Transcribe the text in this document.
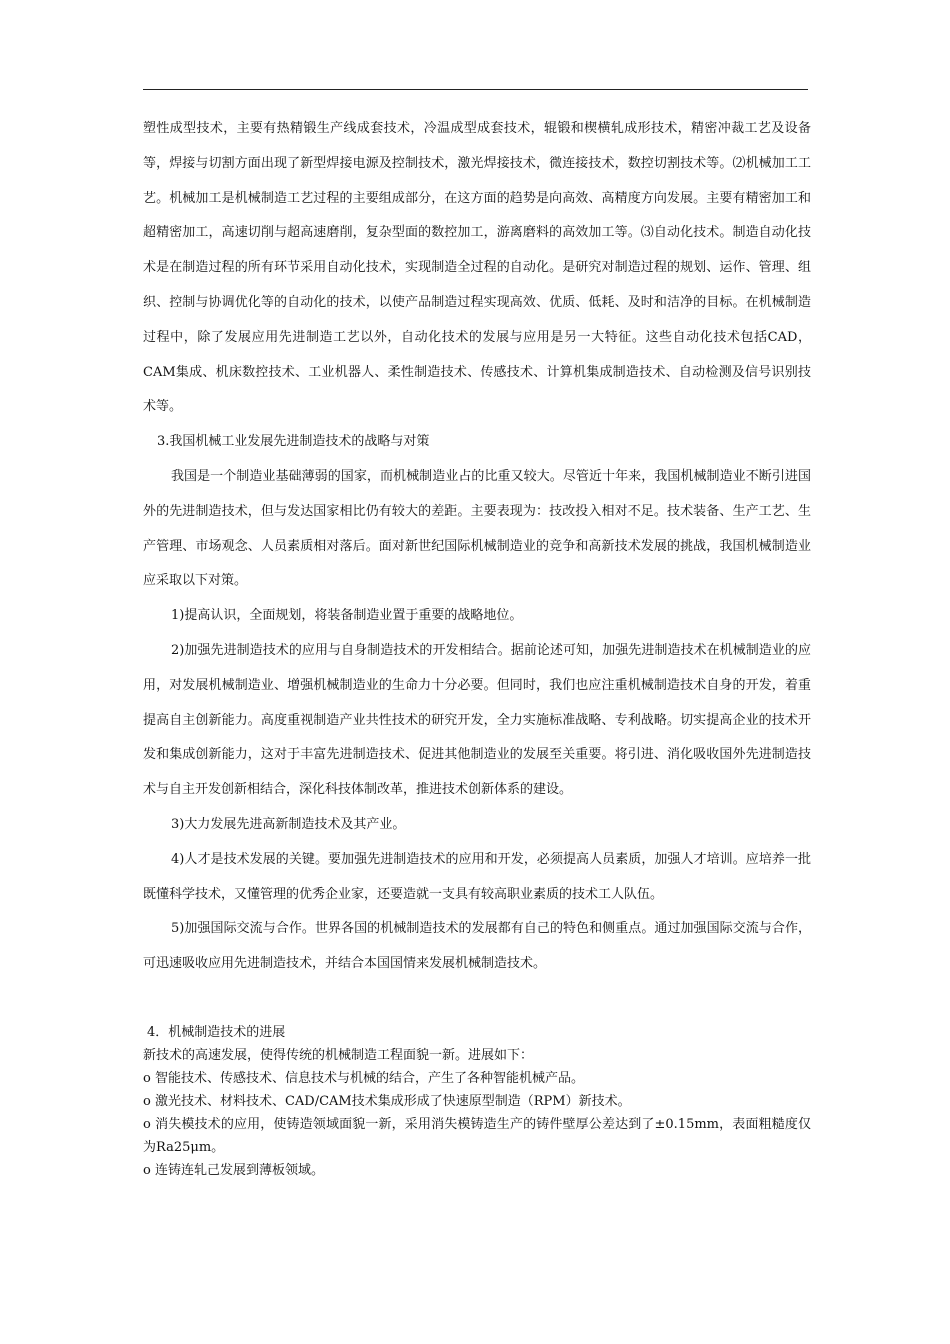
塑性成型技术，主要有热精锻生产线成套技术，冷温成型成套技术，辊锻和楔横轧成形技术，精密冲裁工艺及设备等，焊接与切割方面出现了新型焊接电源及控制技术，激光焊接技术，微连接技术，数控切割技术等。⑵机械加工工艺。机械加工是机械制造工艺过程的主要组成部分，在这方面的趋势是向高效、高精度方向发展。主要有精密加工和超精密加工，高速切削与超高速磨削，复杂型面的数控加工，游离磨料的高效加工等。⑶自动化技术。制造自动化技术是在制造过程的所有环节采用自动化技术，实现制造全过程的自动化。是研究对制造过程的规划、运作、管理、组织、控制与协调优化等的自动化的技术，以使产品制造过程实现高效、优质、低耗、及时和洁净的目标。在机械制造过程中，除了发展应用先进制造工艺以外，自动化技术的发展与应用是另一大特征。这些自动化技术包括CAD，CAM集成、机床数控技术、工业机器人、柔性制造技术、传感技术、计算机集成制造技术、自动检测及信号识别技术等。

3.我国机械工业发展先进制造技术的战略与对策

我国是一个制造业基础薄弱的国家，而机械制造业占的比重又较大。尽管近十年来，我国机械制造业不断引进国外的先进制造技术，但与发达国家相比仍有较大的差距。主要表现为：技改投入相对不足。技术装备、生产工艺、生产管理、市场观念、人员素质相对落后。面对新世纪国际机械制造业的竞争和高新技术发展的挑战，我国机械制造业应采取以下对策。

1)提高认识，全面规划，将装备制造业置于重要的战略地位。

2)加强先进制造技术的应用与自身制造技术的开发相结合。据前论述可知，加强先进制造技术在机械制造业的应用，对发展机械制造业、增强机械制造业的生命力十分必要。但同时，我们也应注重机械制造技术自身的开发，着重提高自主创新能力。高度重视制造产业共性技术的研究开发，全力实施标准战略、专利战略。切实提高企业的技术开发和集成创新能力，这对于丰富先进制造技术、促进其他制造业的发展至关重要。将引进、消化吸收国外先进制造技术与自主开发创新相结合，深化科技体制改革，推进技术创新体系的建设。

3)大力发展先进高新制造技术及其产业。

4)人才是技术发展的关键。要加强先进制造技术的应用和开发，必须提高人员素质，加强人才培训。应培养一批既懂科学技术，又懂管理的优秀企业家，还要造就一支具有较高职业素质的技术工人队伍。

5)加强国际交流与合作。世界各国的机械制造技术的发展都有自己的特色和侧重点。通过加强国际交流与合作，可迅速吸收应用先进制造技术，并结合本国国情来发展机械制造技术。

4．机械制造技术的进展

新技术的高速发展，使得传统的机械制造工程面貌一新。进展如下：

o 智能技术、传感技术、信息技术与机械的结合，产生了各种智能机械产品。

o 激光技术、材料技术、CAD/CAM技术集成形成了快速原型制造（RPM）新技术。

o 消失模技术的应用，使铸造领域面貌一新，采用消失模铸造生产的铸件壁厚公差达到了±0.15mm，表面粗糙度仅为Ra25μm。

o 连铸连轧己发展到薄板领域。
